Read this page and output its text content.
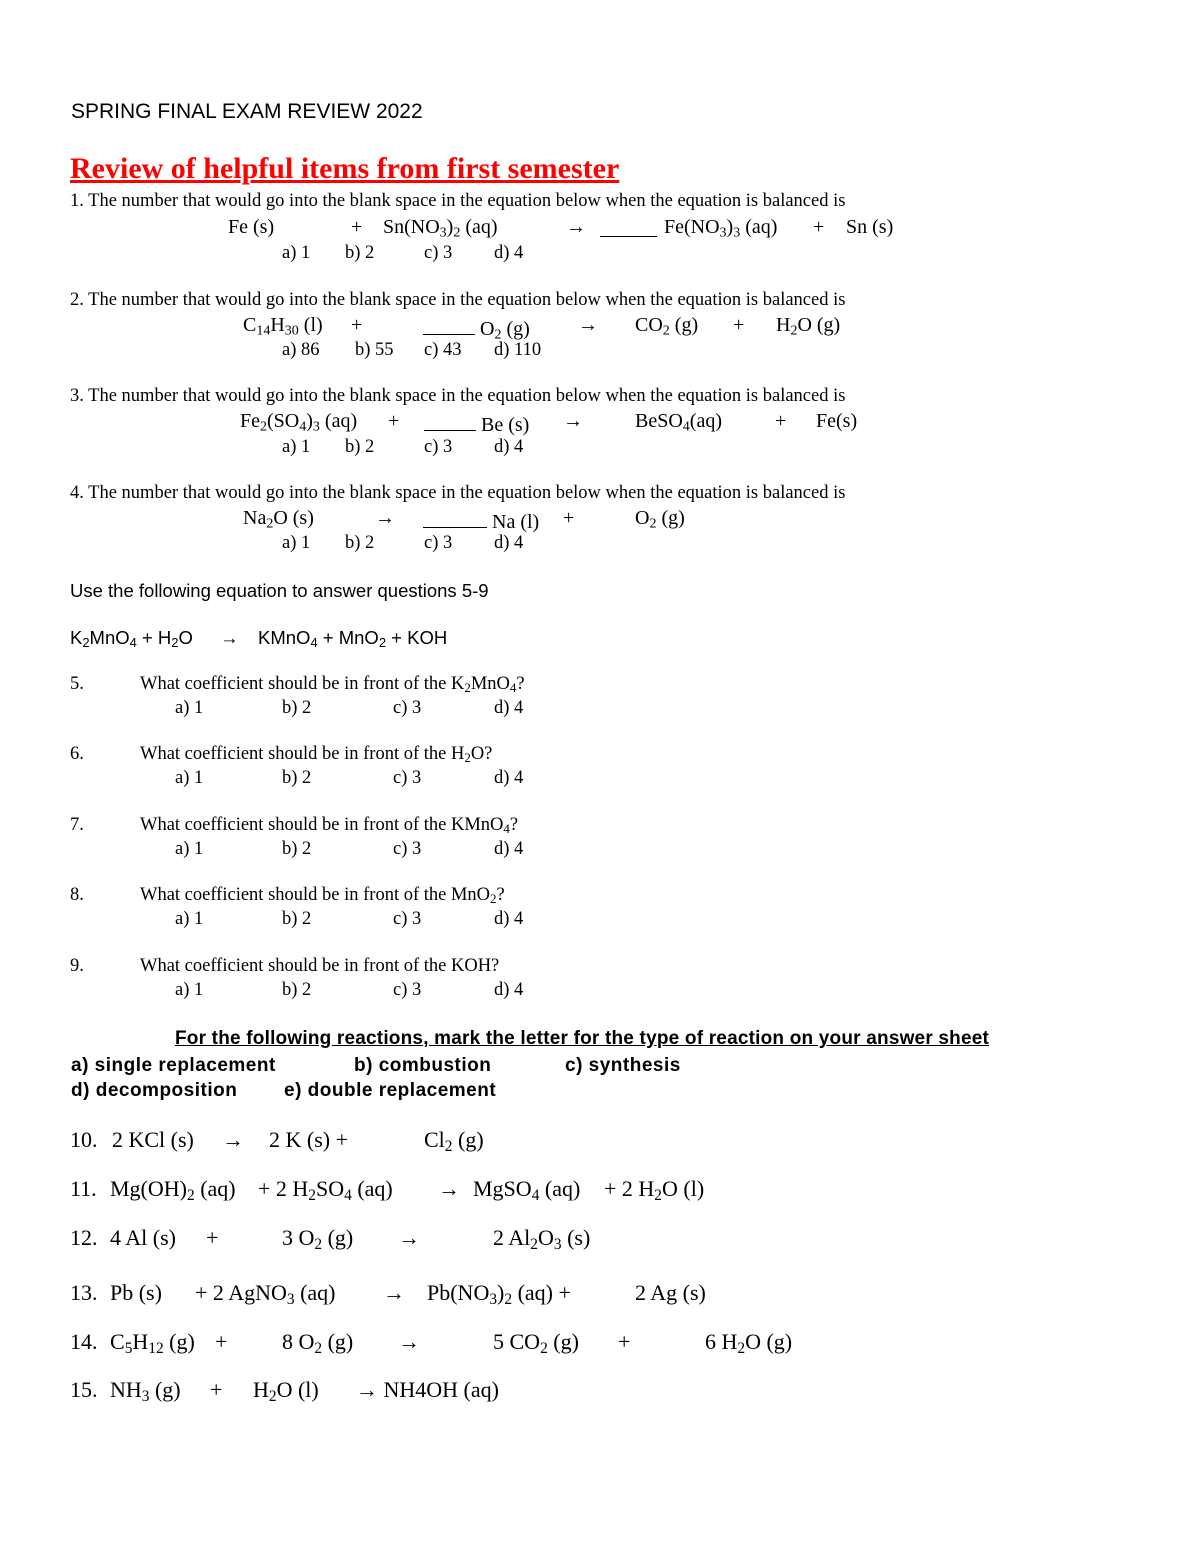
SPRING FINAL EXAM REVIEW 2022
Review of helpful items from first semester
1. The number that would go into the blank space in the equation below when the equation is balanced is
Fe (s)	+ $Sn(NO_3)_2$ (aq)	→	$Fe(NO_3)_3$ (aq) + Sn (s)
a) 1 b) 2	c) 3 d) 4
2. The number that would go into the blank space in the equation below when the equation is balanced is
$C_{14}H_{30}$ (l) +	$O_2$ $(g) \to CO_2$ $(g) + H_2O$ (g)
a) 86 b) 55 c) 43 d) 110
3. The number that would go into the blank space in the equation below when the equation is balanced is
$Fe_2(SO_4)_3$ (aq) +	Be (s) →	BeSO$_4$(aq)	+ Fe(s)
a) 1 b) 2	c) 3 d) 4
4. The number that would go into the blank space in the equation below when the equation is balanced is
$Na_2O$ (s)	→	Na (l) +	$O_2$ (g)
a) 1 b) 2	c) 3 d) 4
Use the following equation to answer questions 5-9
$K_2MnO_4 + H_2O$ → KMnO$_4$ + MnO$_2$ + KOH
5.	What coefficient should be in front of the $K_2MnO_4$?
a) 1	b) 2	c) 3	d) 4
6.	What coefficient should be in front of the $H_2O$?
a) 1	b) 2	c) 3	d) 4
7.	What coefficient should be in front of the KMnO$_4$?
a) 1	b) 2	c) 3	d) 4
8.	What coefficient should be in front of the MnO$_2$?
a) 1	b) 2	c) 3	d) 4
9.	What coefficient should be in front of the KOH?
a) 1	b) 2	c) 3	d) 4
For the following reactions, mark the letter for the type of reaction on your answer sheet
a) single replacement	b) combustion	c) synthesis
d) decomposition e) double replacement
10. 2 KCl (s) → 2 K (s) +	$Cl_2$ (g)
11. $Mg(OH)_2$ (aq) + 2 $H_2SO_4$ (aq) → MgSO$_4$ (aq) + 2 $H_2O$ (l)
12. 4 Al (s) +	3 $O_2$ (g) →	2 $Al_2O_3$ (s)
13. Pb (s) + 2 AgNO$_3$ $(aq) \to Pb(NO_3)_2$ (aq) +	2 Ag (s)
14. $C_5H_{12}$ (g) + 8 $O_2$ (g) →	5 $CO_2$ (g) +	6 $H_2O$ (g)
15. $NH_3$ $(g) + H_2O$ (l) → NH4OH (aq)
